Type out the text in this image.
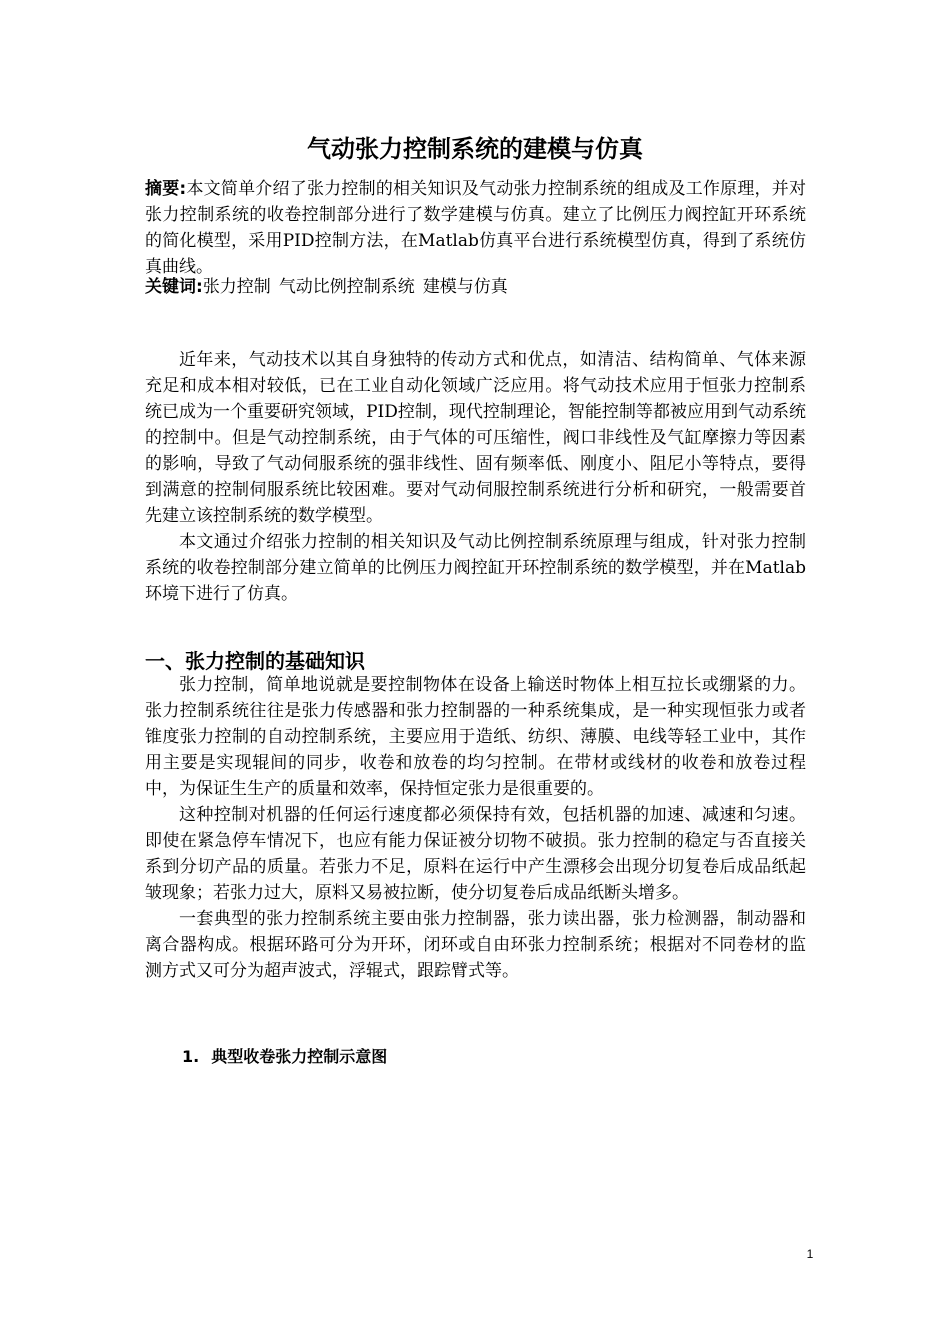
气动张力控制系统的建模与仿真
摘要:本文简单介绍了张力控制的相关知识及气动张力控制系统的组成及工作原理，并对张力控制系统的收卷控制部分进行了数学建模与仿真。建立了比例压力阀控缸开环系统的简化模型，采用PID控制方法，在Matlab仿真平台进行系统模型仿真，得到了系统仿真曲线。
关键词:张力控制 气动比例控制系统 建模与仿真

近年来，气动技术以其自身独特的传动方式和优点，如清洁、结构简单、气体来源充足和成本相对较低，已在工业自动化领域广泛应用。将气动技术应用于恒张力控制系统已成为一个重要研究领域，PID控制，现代控制理论，智能控制等都被应用到气动系统的控制中。但是气动控制系统，由于气体的可压缩性，阀口非线性及气缸摩擦力等因素的影响，导致了气动伺服系统的强非线性、固有频率低、刚度小、阻尼小等特点，要得到满意的控制伺服系统比较困难。要对气动伺服控制系统进行分析和研究，一般需要首先建立该控制系统的数学模型。

本文通过介绍张力控制的相关知识及气动比例控制系统原理与组成，针对张力控制系统的收卷控制部分建立简单的比例压力阀控缸开环控制系统的数学模型，并在Matlab环境下进行了仿真。

一、张力控制的基础知识

张力控制，简单地说就是要控制物体在设备上输送时物体上相互拉长或绷紧的力。张力控制系统往往是张力传感器和张力控制器的一种系统集成，是一种实现恒张力或者锥度张力控制的自动控制系统，主要应用于造纸、纺织、薄膜、电线等轻工业中，其作用主要是实现辊间的同步，收卷和放卷的均匀控制。在带材或线材的收卷和放卷过程中，为保证生生产的质量和效率，保持恒定张力是很重要的。

这种控制对机器的任何运行速度都必须保持有效，包括机器的加速、减速和匀速。即使在紧急停车情况下，也应有能力保证被分切物不破损。张力控制的稳定与否直接关系到分切产品的质量。若张力不足，原料在运行中产生漂移会出现分切复卷后成品纸起皱现象；若张力过大，原料又易被拉断，使分切复卷后成品纸断头增多。

一套典型的张力控制系统主要由张力控制器，张力读出器，张力检测器，制动器和离合器构成。根据环路可分为开环，闭环或自由环张力控制系统；根据对不同卷材的监测方式又可分为超声波式，浮辊式，跟踪臂式等。

1. 典型收卷张力控制示意图
1
